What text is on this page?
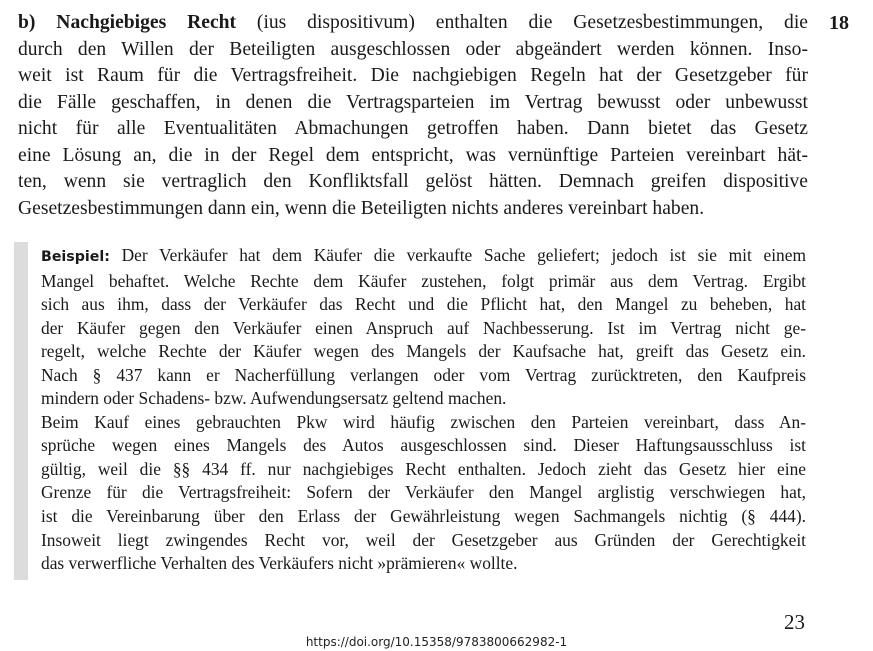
b) Nachgiebiges Recht (ius dispositivum) enthalten die Gesetzesbestimmungen, die
durch den Willen der Beteiligten ausgeschlossen oder abgeändert werden können. Inso-
weit ist Raum für die Vertragsfreiheit. Die nachgiebigen Regeln hat der Gesetzgeber für
die Fälle geschaffen, in denen die Vertragsparteien im Vertrag bewusst oder unbewusst
nicht für alle Eventualitäten Abmachungen getroffen haben. Dann bietet das Gesetz
eine Lösung an, die in der Regel dem entspricht, was vernünftige Parteien vereinbart hät-
ten, wenn sie vertraglich den Konfliktsfall gelöst hätten. Demnach greifen dispositive
Gesetzesbestimmungen dann ein, wenn die Beteiligten nichts anderes vereinbart haben.
18
Beispiel: Der Verkäufer hat dem Käufer die verkaufte Sache geliefert; jedoch ist sie mit einem
Mangel behaftet. Welche Rechte dem Käufer zustehen, folgt primär aus dem Vertrag. Ergibt
sich aus ihm, dass der Verkäufer das Recht und die Pflicht hat, den Mangel zu beheben, hat
der Käufer gegen den Verkäufer einen Anspruch auf Nachbesserung. Ist im Vertrag nicht ge-
regelt, welche Rechte der Käufer wegen des Mangels der Kaufsache hat, greift das Gesetz ein.
Nach § 437 kann er Nacherfüllung verlangen oder vom Vertrag zurücktreten, den Kaufpreis
mindern oder Schadens- bzw. Aufwendungsersatz geltend machen.
Beim Kauf eines gebrauchten Pkw wird häufig zwischen den Parteien vereinbart, dass An-
sprüche wegen eines Mangels des Autos ausgeschlossen sind. Dieser Haftungsausschluss ist
gültig, weil die §§ 434 ff. nur nachgiebiges Recht enthalten. Jedoch zieht das Gesetz hier eine
Grenze für die Vertragsfreiheit: Sofern der Verkäufer den Mangel arglistig verschwiegen hat,
ist die Vereinbarung über den Erlass der Gewährleistung wegen Sachmangels nichtig (§ 444).
Insoweit liegt zwingendes Recht vor, weil der Gesetzgeber aus Gründen der Gerechtigkeit
das verwerfliche Verhalten des Verkäufers nicht »prämieren« wollte.
23
https://doi.org/10.15358/9783800662982-1
